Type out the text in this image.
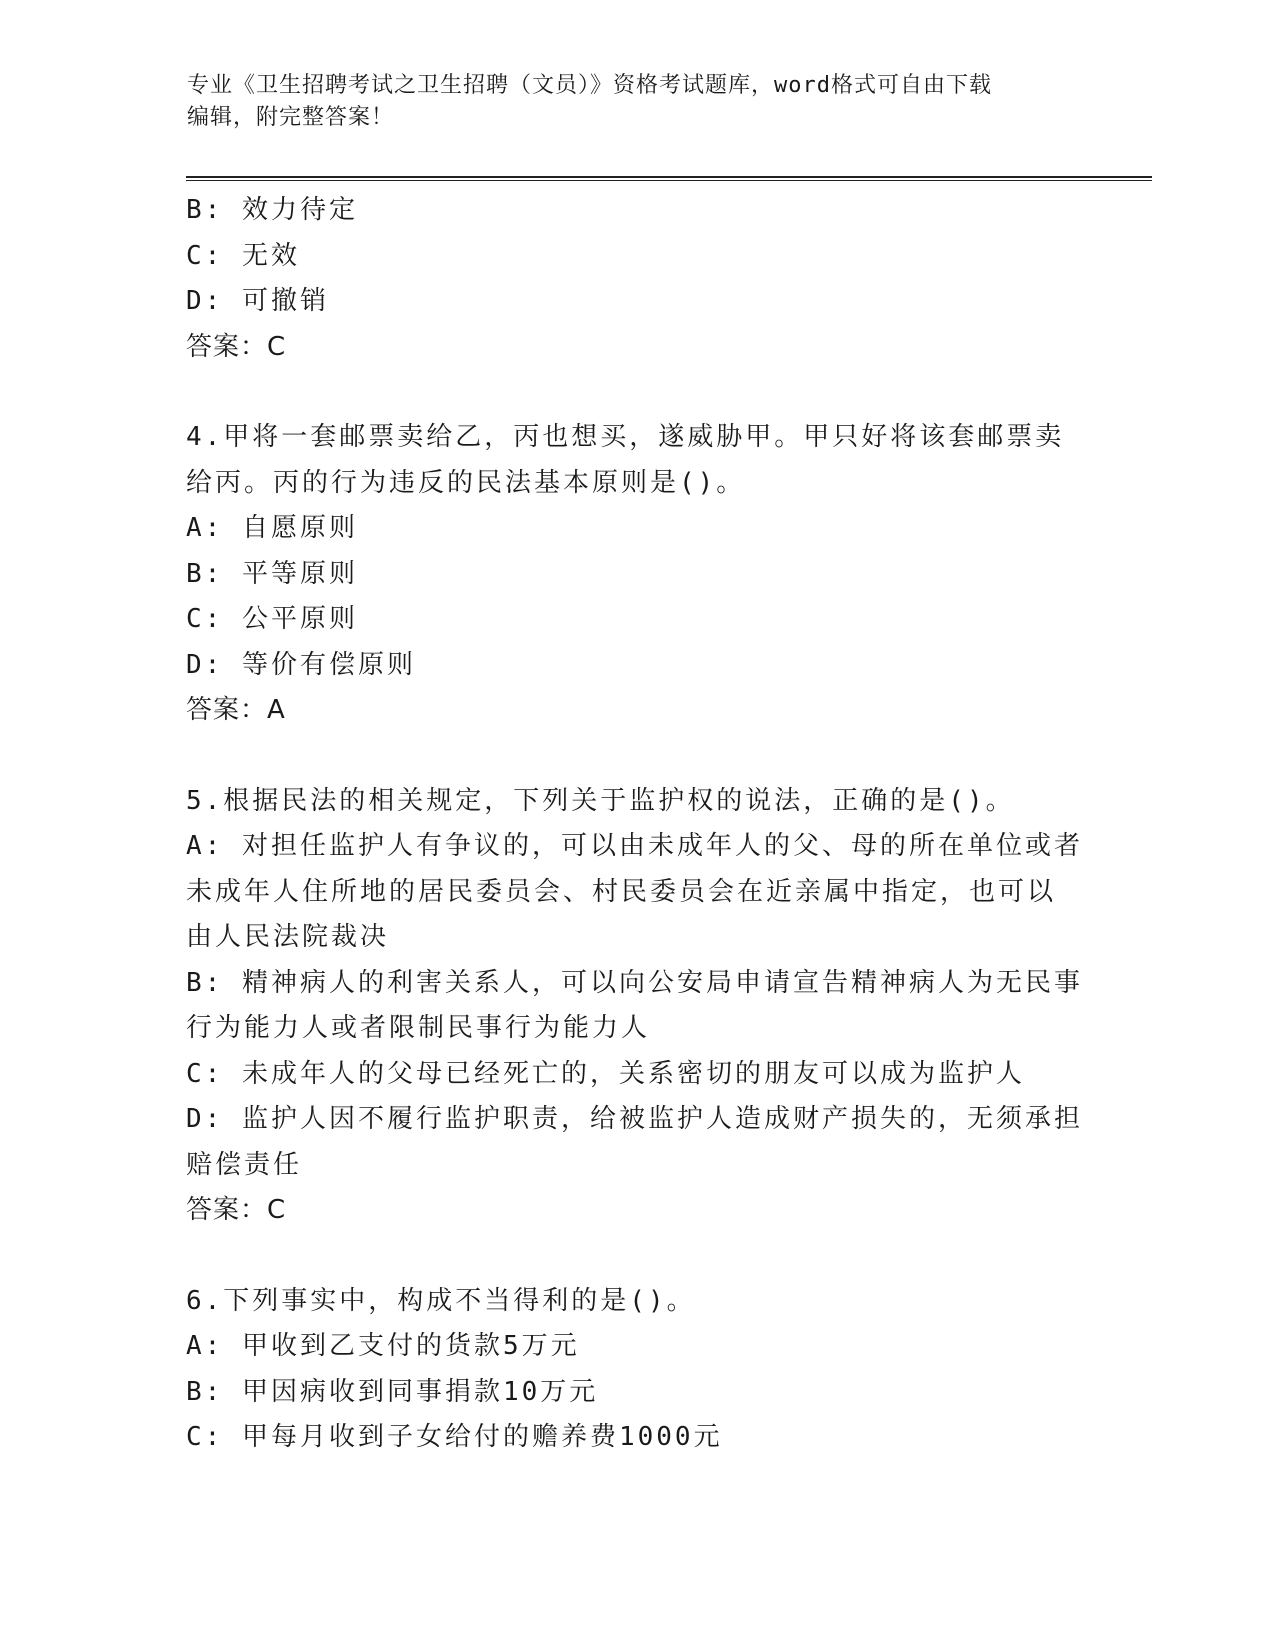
专业《卫生招聘考试之卫生招聘（文员）》资格考试题库，word格式可自由下载
编辑，附完整答案！
B: 效力待定
C: 无效
D: 可撤销
答案：C
4.甲将一套邮票卖给乙，丙也想买，遂威胁甲。甲只好将该套邮票卖
给丙。丙的行为违反的民法基本原则是()。
A: 自愿原则
B: 平等原则
C: 公平原则
D: 等价有偿原则
答案：A
5.根据民法的相关规定，下列关于监护权的说法，正确的是()。
A: 对担任监护人有争议的，可以由未成年人的父、母的所在单位或者
未成年人住所地的居民委员会、村民委员会在近亲属中指定，也可以
由人民法院裁决
B: 精神病人的利害关系人，可以向公安局申请宣告精神病人为无民事
行为能力人或者限制民事行为能力人
C: 未成年人的父母已经死亡的，关系密切的朋友可以成为监护人
D: 监护人因不履行监护职责，给被监护人造成财产损失的，无须承担
赔偿责任
答案：C
6.下列事实中，构成不当得利的是()。
A: 甲收到乙支付的货款5万元
B: 甲因病收到同事捐款10万元
C: 甲每月收到子女给付的赡养费1000元
